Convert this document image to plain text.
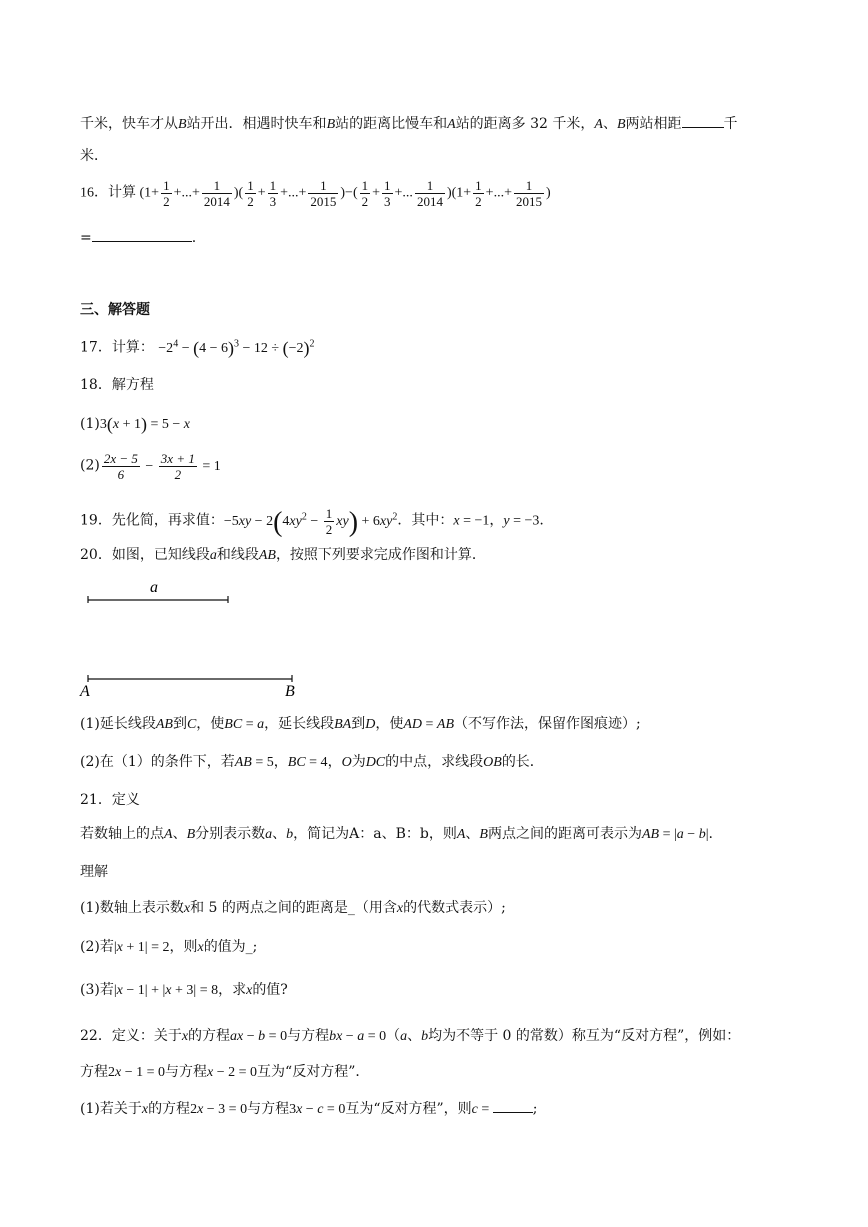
千米，快车才从B站开出．相遇时快车和B站的距离比慢车和A站的距离多 32 千米，A、B两站相距	千
米．
16．计算 ($1+ \frac{1}{2}$ +...+ $\frac{1}{2014}$ )( $\frac{1}{2} + \frac{1}{3}$ +...+ $\frac{1}{2015}$ )−( $\frac{1}{2} + \frac{1}{3}$ +... $\frac{1}{2014} )(1+ \frac{1}{2}$ +...+ $\frac{1}{2015}$ )
=	.
三、解答题
17．计算： $-2^4 - (4 - 6)^3 - 12 \div (-2)^2$
18．解方程
(1)3(x + 1) = 5 − x
$(2) \frac{2x - 5}{6} - \frac{3x + 1}{2} = 1$
19．先化简，再求值：$-5xy - 2(4xy^2 - \frac{1}{2} xy) + 6xy^2$．其中：x = −1，y = −3.
20．如图，已知线段a和线段AB，按照下列要求完成作图和计算．
a
A	B
(1)延长线段AB到C，使BC = a，延长线段BA到D，使AD = AB（不写作法，保留作图痕迹）;
(2)在（1）的条件下，若AB = 5，BC = 4，O为DC的中点，求线段OB的长．
21．定义
若数轴上的点A、B分别表示数a、b，简记为A：a、B：b，则A、B两点之间的距离可表示为AB = |a − b|.
理解
(1)数轴上表示数x和 5 的两点之间的距离是_（用含x的代数式表示）;
(2)若|x + 1| = 2，则x的值为_;
(3)若|x − 1| + |x + 3| = 8，求x的值?
22．定义：关于x的方程ax − b = 0与方程bx − a = 0（a、b均为不等于 0 的常数）称互为“反对方程”，例如：
方程2x − 1 = 0与方程x − 2 = 0互为“反对方程”．
(1)若关于x的方程2x − 3 = 0与方程3x − c = 0互为“反对方程”，则c =	;
